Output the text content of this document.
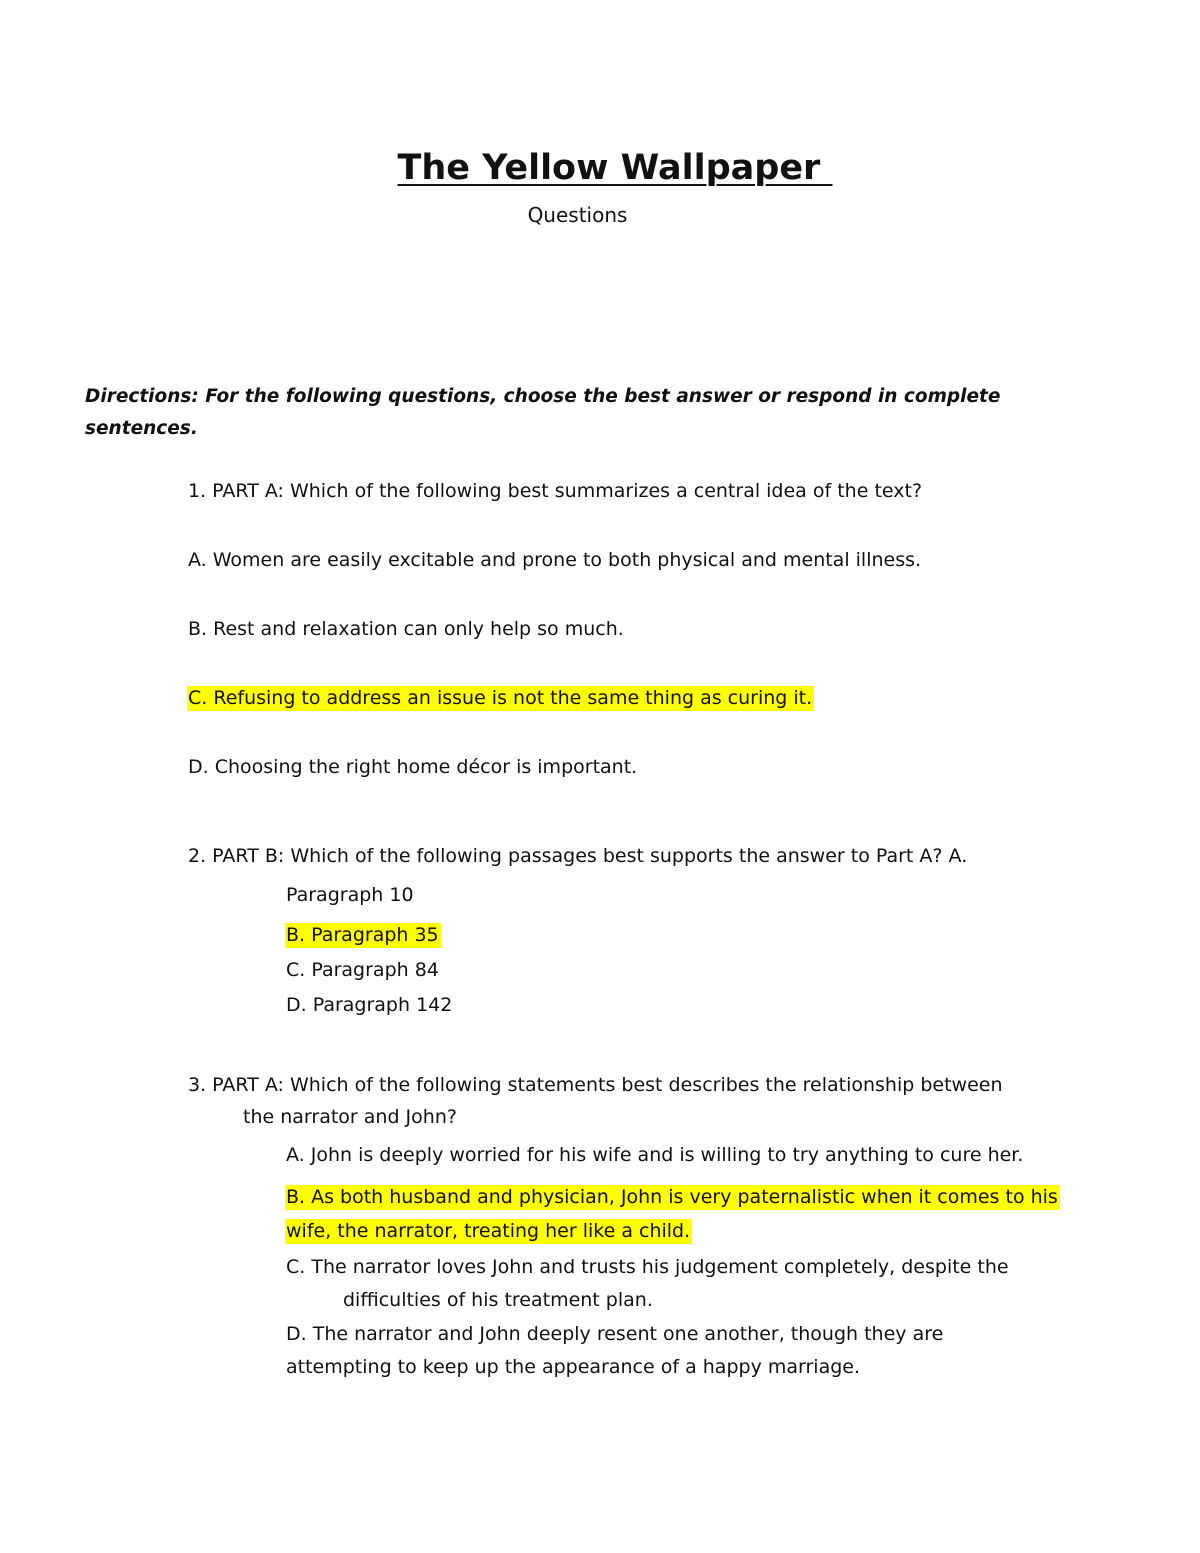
The Yellow Wallpaper
Questions
Directions: For the following questions, choose the best answer or respond in complete
sentences.
1. PART A: Which of the following best summarizes a central idea of the text?
A. Women are easily excitable and prone to both physical and mental illness.
B. Rest and relaxation can only help so much.
C. Refusing to address an issue is not the same thing as curing it.
D. Choosing the right home décor is important.
2. PART B: Which of the following passages best supports the answer to Part A? A.
Paragraph 10
B. Paragraph 35
C. Paragraph 84
D. Paragraph 142
3. PART A: Which of the following statements best describes the relationship between
the narrator and John?
A. John is deeply worried for his wife and is willing to try anything to cure her.
B. As both husband and physician, John is very paternalistic when it comes to his
wife, the narrator, treating her like a child.
C. The narrator loves John and trusts his judgement completely, despite the
difficulties of his treatment plan.
D. The narrator and John deeply resent one another, though they are
attempting to keep up the appearance of a happy marriage.
